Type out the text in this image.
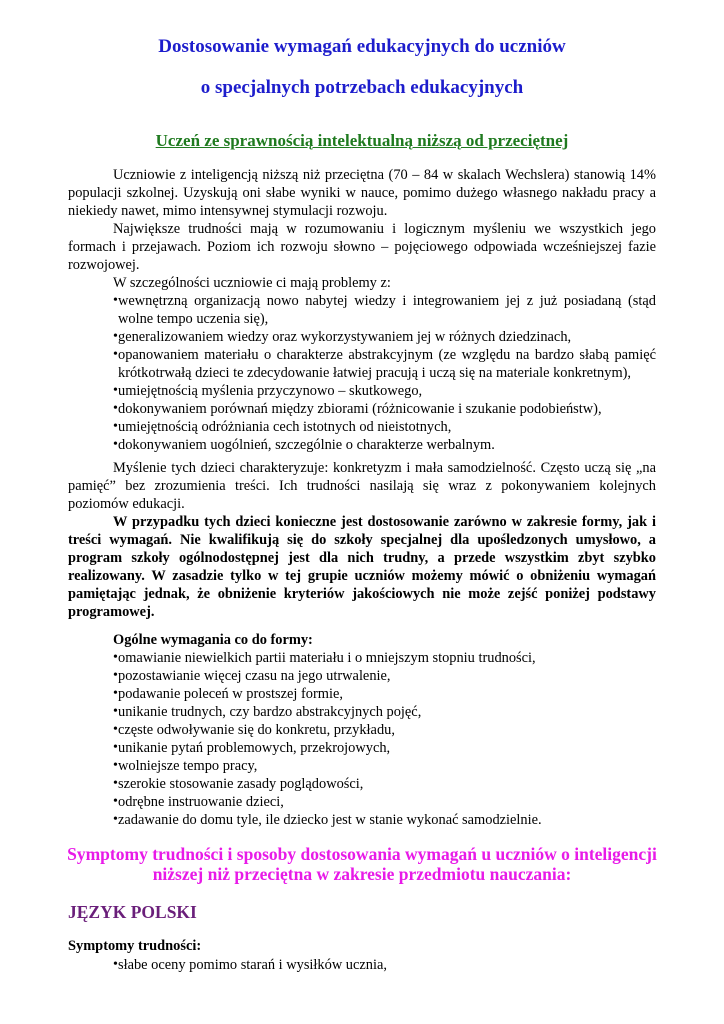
Dostosowanie wymagań edukacyjnych do uczniów
o specjalnych potrzebach edukacyjnych
Uczeń ze sprawnością intelektualną niższą od przeciętnej

Uczniowie z inteligencją niższą niż przeciętna (70 – 84 w skalach Wechslera) stanowią 14% populacji szkolnej. Uzyskują oni słabe wyniki w nauce, pomimo dużego własnego nakładu pracy a niekiedy nawet, mimo intensywnej stymulacji rozwoju.

Największe trudności mają w rozumowaniu i logicznym myśleniu we wszystkich jego formach i przejawach. Poziom ich rozwoju słowno – pojęciowego odpowiada wcześniejszej fazie rozwojowej.

W szczególności uczniowie ci mają problemy z:

• wewnętrzną organizacją nowo nabytej wiedzy i integrowaniem jej z już posiadaną (stąd wolne tempo uczenia się),
• generalizowaniem wiedzy oraz wykorzystywaniem jej w różnych dziedzinach,
• opanowaniem materiału o charakterze abstrakcyjnym (ze względu na bardzo słabą pamięć krótkotrwałą dzieci te zdecydowanie łatwiej pracują i uczą się na materiale konkretnym),
• umiejętnością myślenia przyczynowo – skutkowego,
• dokonywaniem porównań między zbiorami (różnicowanie i szukanie podobieństw),
• umiejętnością odróżniania cech istotnych od nieistotnych,
• dokonywaniem uogólnień, szczególnie o charakterze werbalnym.

Myślenie tych dzieci charakteryzuje: konkretyzm i mała samodzielność. Często uczą się „na pamięć” bez zrozumienia treści. Ich trudności nasilają się wraz z pokonywaniem kolejnych poziomów edukacji.

W przypadku tych dzieci konieczne jest dostosowanie zarówno w zakresie formy, jak i treści wymagań. Nie kwalifikują się do szkoły specjalnej dla upośledzonych umysłowo, a program szkoły ogólnodostępnej jest dla nich trudny, a przede wszystkim zbyt szybko realizowany. W zasadzie tylko w tej grupie uczniów możemy mówić o obniżeniu wymagań pamiętając jednak, że obniżenie kryteriów jakościowych nie może zejść poniżej podstawy programowej.

Ogólne wymagania co do formy:

• omawianie niewielkich partii materiału i o mniejszym stopniu trudności,
• pozostawianie więcej czasu na jego utrwalenie,
• podawanie poleceń w prostszej formie,
• unikanie trudnych, czy bardzo abstrakcyjnych pojęć,
• częste odwoływanie się do konkretu, przykładu,
• unikanie pytań problemowych, przekrojowych,
• wolniejsze tempo pracy,
• szerokie stosowanie zasady poglądowości,
• odrębne instruowanie dzieci,
• zadawanie do domu tyle, ile dziecko jest w stanie wykonać samodzielnie.
Symptomy trudności i sposoby dostosowania wymagań u uczniów o inteligencji
niższej niż przeciętna w zakresie przedmiotu nauczania:
JĘZYK POLSKI

Symptomy trudności:

• słabe oceny pomimo starań i wysiłków ucznia,
